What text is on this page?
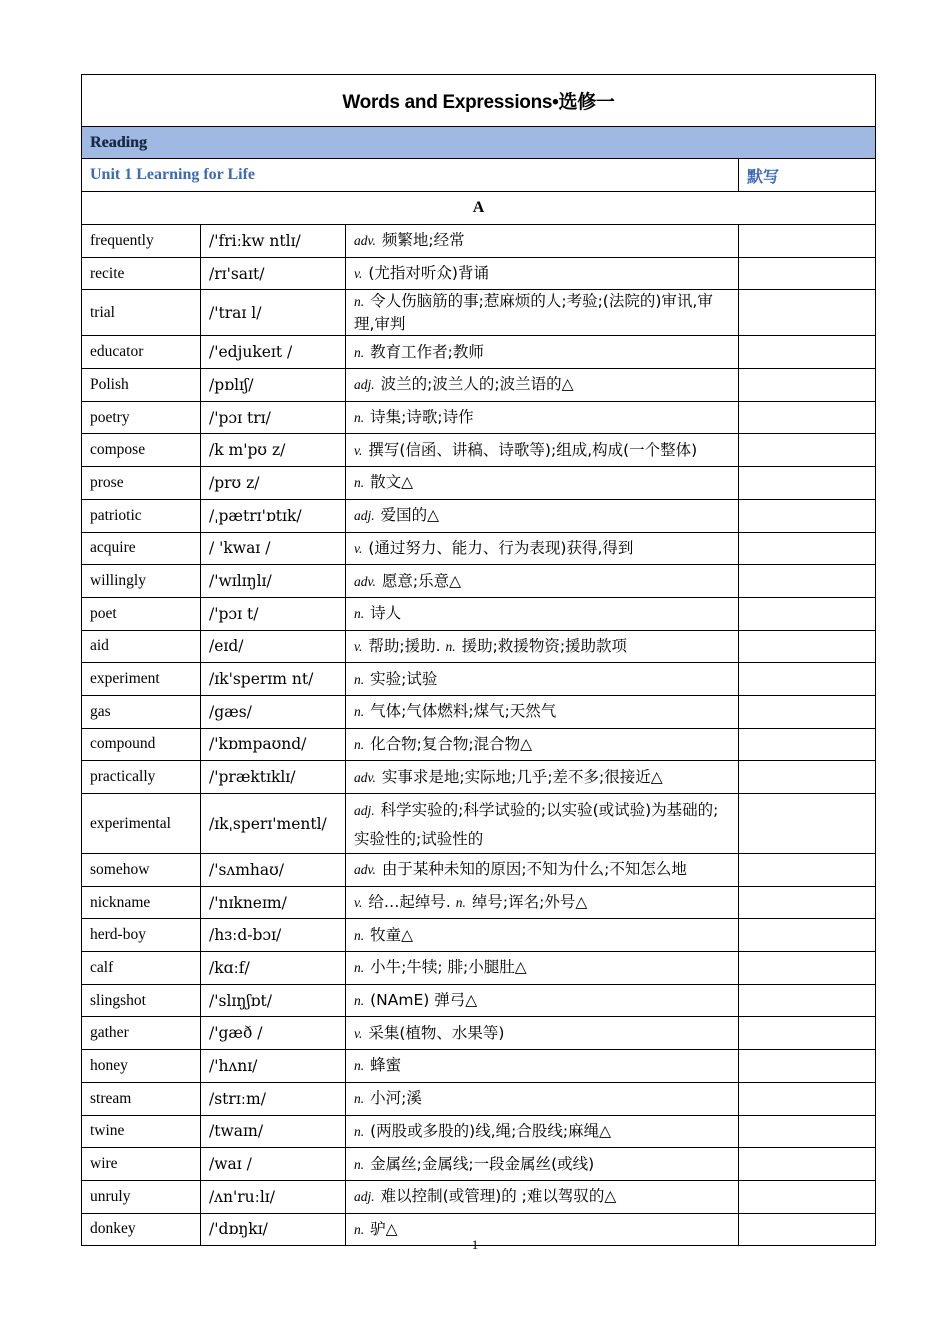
Words and Expressions•选修一			
Reading			
Unit 1 Learning for Life			默写
A			
frequently	/'friːkw ntlɪ/	adv. 频繁地;经常	
recite	/rɪ'saɪt/	v. (尤指对听众)背诵	
trial	/'traɪ l/	n. 令人伤脑筋的事;惹麻烦的人;考验;(法院的)审讯,审理,审判	
educator	/'edjukeɪt /	n. 教育工作者;教师	
Polish	/pɒlɪʃ/	adj. 波兰的;波兰人的;波兰语的△	
poetry	/'pɔɪ trɪ/	n. 诗集;诗歌;诗作	
compose	/k m'pʊ z/	v. 撰写(信函、讲稿、诗歌等);组成,构成(一个整体)	
prose	/prʊ z/	n. 散文△	
patriotic	/ˌpætrɪ'ɒtɪk/	adj. 爱国的△	
acquire	/ 'kwaɪ /	v. (通过努力、能力、行为表现)获得,得到	
willingly	/'wɪlɪŋlɪ/	adv. 愿意;乐意△	
poet	/'pɔɪ t/	n. 诗人	
aid	/eɪd/	v. 帮助;援助. n. 援助;救援物资;援助款项	
experiment	/ɪk'sperɪm nt/	n. 实验;试验	
gas	/gæs/	n. 气体;气体燃料;煤气;天然气	
compound	/'kɒmpaʊnd/	n. 化合物;复合物;混合物△	
practically	/'præktɪklɪ/	adv. 实事求是地;实际地;几乎;差不多;很接近△	
experimental	/ɪkˌsperɪ'mentl/	adj. 科学实验的;科学试验的;以实验(或试验)为基础的;实验性的;试验性的	
somehow	/'sʌmhaʊ/	adv. 由于某种未知的原因;不知为什么;不知怎么地	
nickname	/'nɪkneɪm/	v. 给…起绰号. n. 绰号;诨名;外号△	
herd-boy	/hɜːd-bɔɪ/	n. 牧童△	
calf	/kɑːf/	n. 小牛;牛犊; 腓;小腿肚△	
slingshot	/'slɪŋʃɒt/	n. (NAmE) 弹弓△	
gather	/'gæð /	v. 采集(植物、水果等)	
honey	/'hʌnɪ/	n. 蜂蜜	
stream	/strɪːm/	n. 小河;溪	
twine	/twaɪn/	n. (两股或多股的)线,绳;合股线;麻绳△	
wire	/waɪ /	n. 金属丝;金属线;一段金属丝(或线)	
unruly	/ʌn'ruːlɪ/	adj. 难以控制(或管理)的 ;难以驾驭的△	
donkey	/'dɒŋkɪ/	n. 驴△	
1
